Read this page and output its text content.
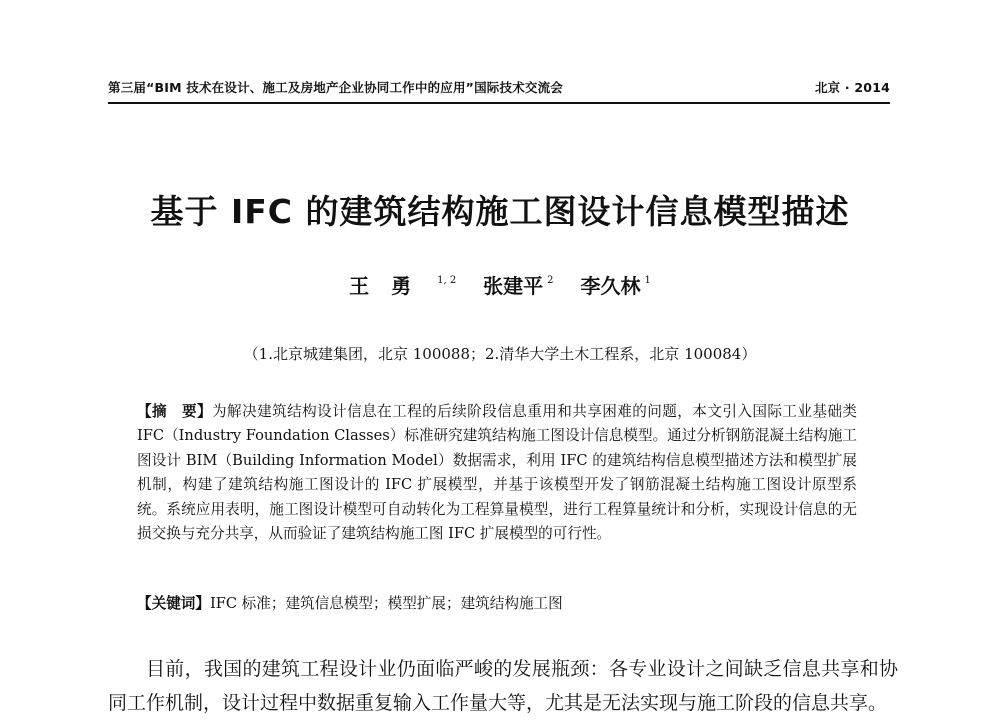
第三届“BIM 技术在设计、施工及房地产企业协同工作中的应用”国际技术交流会	北京 · 2014
基于 IFC 的建筑结构施工图设计信息模型描述
王勇 $^{1, 2}$ 张建平 $^2$ 李久林 $^1$
（1.北京城建集团，北京 100088；2.清华大学土木工程系，北京 100084）
【摘　要】为解决建筑结构设计信息在工程的后续阶段信息重用和共享困难的问题，本文引入国际工业基础类 IFC（Industry Foundation Classes）标准研究建筑结构施工图设计信息模型。通过分析钢筋混凝土结构施工图设计 BIM（Building Information Model）数据需求，利用 IFC 的建筑结构信息模型描述方法和模型扩展机制，构建了建筑结构施工图设计的 IFC 扩展模型，并基于该模型开发了钢筋混凝土结构施工图设计原型系统。系统应用表明，施工图设计模型可自动转化为工程算量模型，进行工程算量统计和分析，实现设计信息的无损交换与充分共享，从而验证了建筑结构施工图 IFC 扩展模型的可行性。
【关键词】IFC 标准；建筑信息模型；模型扩展；建筑结构施工图
目前，我国的建筑工程设计业仍面临严峻的发展瓶颈：各专业设计之间缺乏信息共享和协同工作机制，设计过程中数据重复输入工作量大等，尤其是无法实现与施工阶段的信息共享。
